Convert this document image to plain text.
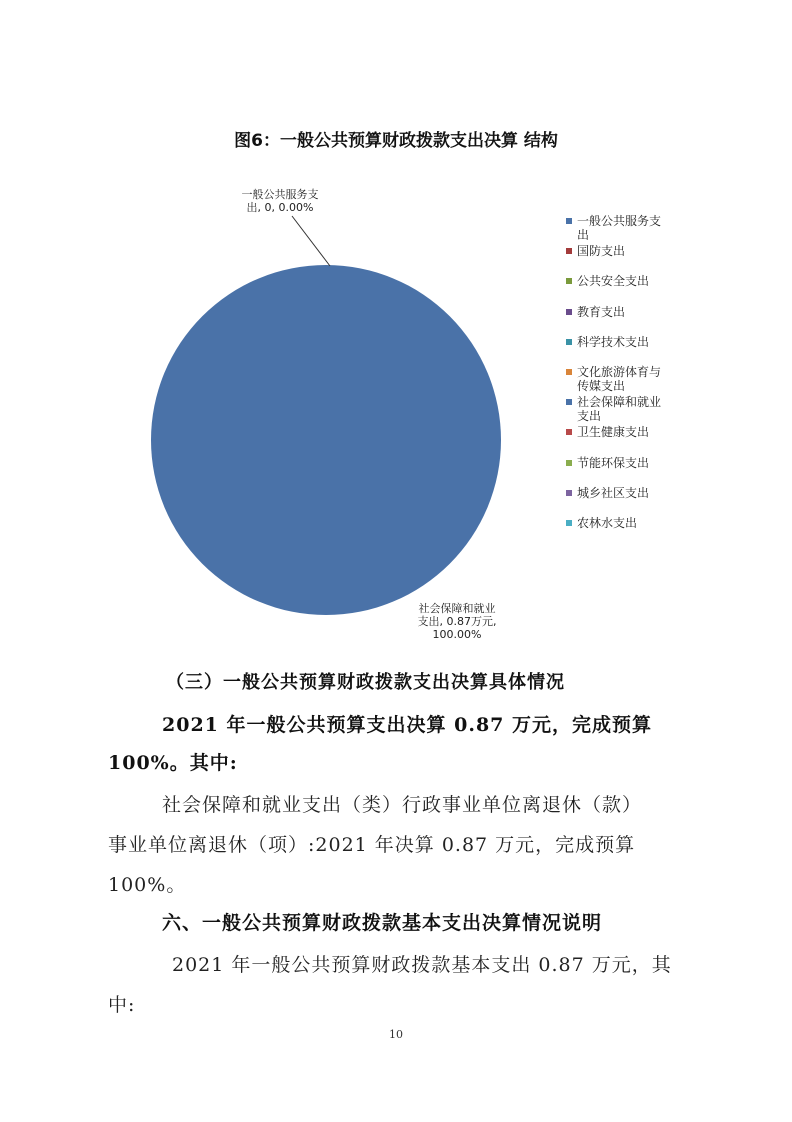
图6：一般公共预算财政拨款支出决算 结构
一般公共服务支
出, 0, 0.00%
社会保障和就业
支出, 0.87万元,
100.00%
一般公共服务支
出
国防支出
公共安全支出
教育支出
科学技术支出
文化旅游体育与
传媒支出
社会保障和就业
支出
卫生健康支出
节能环保支出
城乡社区支出
农林水支出
（三）一般公共预算财政拨款支出决算具体情况
2021 年一般公共预算支出决算 0.87 万元，完成预算
100%。其中:
社会保障和就业支出（类）行政事业单位离退休（款）
事业单位离退休（项）:2021 年决算 0.87 万元，完成预算
100%。
六、一般公共预算财政拨款基本支出决算情况说明
2021 年一般公共预算财政拨款基本支出 0.87 万元，其
中:
10
